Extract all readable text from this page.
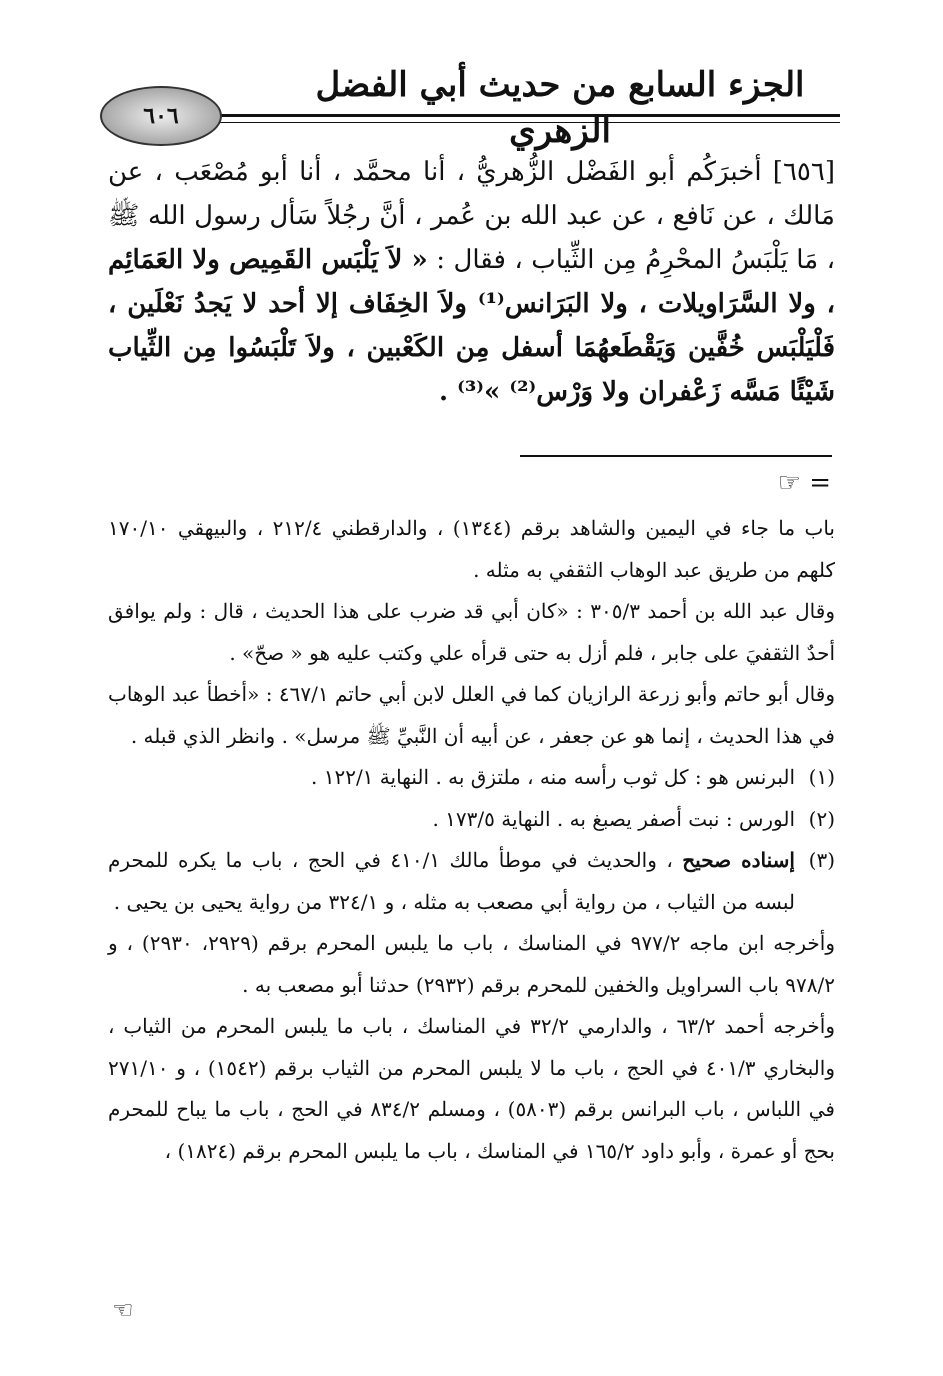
الجزء السابع من حديث أبي الفضل الزهري
٦٠٦

[٦٥٦] أخبرَكُم أبو الفَضْل الزُّهريُّ ، أنا محمَّد ، أنا أبو مُصْعَب ، عن مَالك ، عن نَافع ، عن عبد الله بن عُمر ، أنَّ رجُلاً سَأل رسول الله ﷺ ، مَا يَلْبَسُ المحْرِمُ مِن الثِّياب ، فقال : « لاَ يَلْبَس القَمِيص ولا العَمَائِم ، ولا السَّرَاويلات ، ولا البَرَانس⁽¹⁾ ولاَ الخِفَاف إلا أحد لا يَجدُ نَعْلَين ، فَلْيَلْبَس خُفَّين وَيَقْطَعهُمَا أسفل مِن الكَعْبين ، ولاَ تَلْبَسُوا مِن الثِّياب شَيْئًا مَسَّه زَعْفران ولا وَرْس⁽²⁾ »⁽³⁾ .

= ☞

باب ما جاء في اليمين والشاهد برقم (١٣٤٤) ، والدارقطني ٢١٢/٤ ، والبيهقي ١٧٠/١٠ كلهم من طريق عبد الوهاب الثقفي به مثله .

وقال عبد الله بن أحمد ٣٠٥/٣ : «كان أبي قد ضرب على هذا الحديث ، قال : ولم يوافق أحدٌ الثقفيَ على جابر ، فلم أزل به حتى قرأه علي وكتب عليه هو « صحّ» .

وقال أبو حاتم وأبو زرعة الرازيان كما في العلل لابن أبي حاتم ٤٦٧/١ : «أخطأ عبد الوهاب في هذا الحديث ، إنما هو عن جعفر ، عن أبيه أن النَّبيِّ ﷺ مرسل» . وانظر الذي قبله .

(١)
البرنس هو : كل ثوب رأسه منه ، ملتزق به . النهاية ١٢٢/١ .
(٢)
الورس : نبت أصفر يصبغ به . النهاية ١٧٣/٥ .
(٣)
إسناده صحيح ، والحديث في موطأ مالك ٤١٠/١ في الحج ، باب ما يكره للمحرم لبسه من الثياب ، من رواية أبي مصعب به مثله ، و ٣٢٤/١ من رواية يحيى بن يحيى .

وأخرجه ابن ماجه ٩٧٧/٢ في المناسك ، باب ما يلبس المحرم برقم (٢٩٢٩، ٢٩٣٠) ، و ٩٧٨/٢ باب السراويل والخفين للمحرم برقم (٢٩٣٢) حدثنا أبو مصعب به .

وأخرجه أحمد ٦٣/٢ ، والدارمي ٣٢/٢ في المناسك ، باب ما يلبس المحرم من الثياب ، والبخاري ٤٠١/٣ في الحج ، باب ما لا يلبس المحرم من الثياب برقم (١٥٤٢) ، و ٢٧١/١٠ في اللباس ، باب البرانس برقم (٥٨٠٣) ، ومسلم ٨٣٤/٢ في الحج ، باب ما يباح للمحرم بحج أو عمرة ، وأبو داود ١٦٥/٢ في المناسك ، باب ما يلبس المحرم برقم (١٨٢٤) ،

☜
